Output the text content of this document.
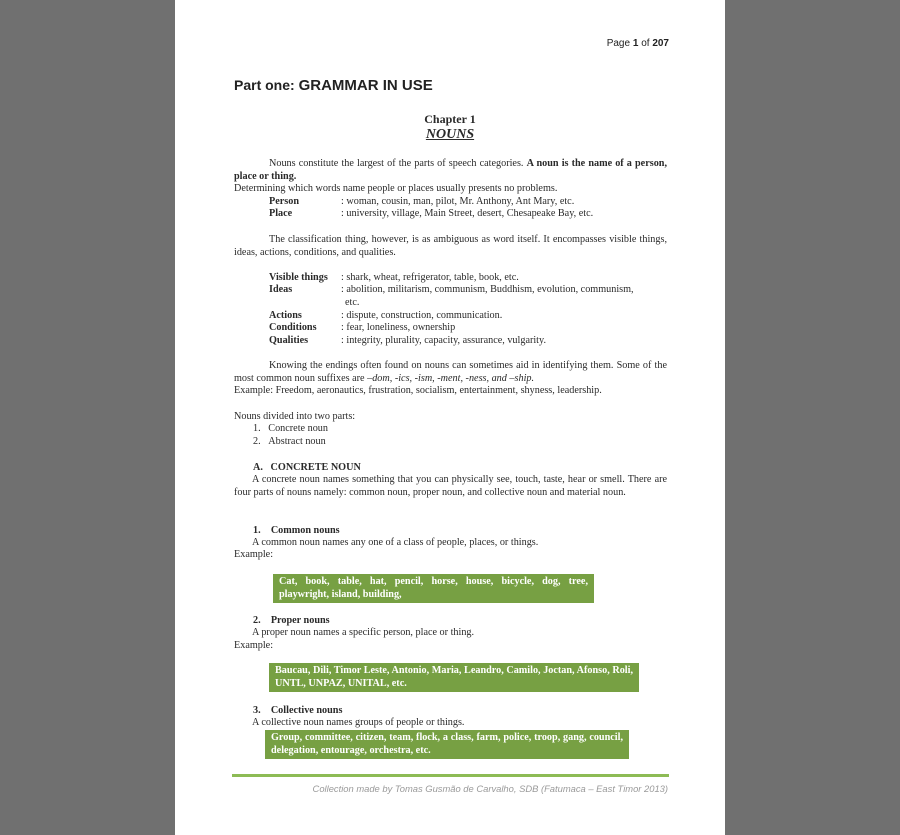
Page 1 of 207
Part one: GRAMMAR IN USE
Chapter 1
NOUNS
Nouns constitute the largest of the parts of speech categories. A noun is the name of a person, place or thing.
Determining which words name people or places usually presents no problems.
Person	: woman, cousin, man, pilot, Mr. Anthony, Ant Mary, etc.
Place	: university, village, Main Street, desert, Chesapeake Bay, etc.
The classification thing, however, is as ambiguous as word itself. It encompasses visible things, ideas, actions, conditions, and qualities.
Visible things : shark, wheat, refrigerator, table, book, etc.
Ideas	: abolition, militarism, communism, Buddhism, evolution, communism,
etc.
Actions	: dispute, construction, communication.
Conditions : fear, loneliness, ownership
Qualities	: integrity, plurality, capacity, assurance, vulgarity.
Knowing the endings often found on nouns can sometimes aid in identifying them. Some of the most common noun suffixes are –dom, -ics, -ism, -ment, -ness, and –ship.
Example: Freedom, aeronautics, frustration, socialism, entertainment, shyness, leadership.
Nouns divided into two parts:
1. Concrete noun
2. Abstract noun
A.   CONCRETE NOUN
A concrete noun names something that you can physically see, touch, taste, hear or smell. There are four parts of nouns namely: common noun, proper noun, and collective noun and material noun.
1.    Common nouns
A common noun names any one of a class of people, places, or things.
Example:
Cat, book, table, hat, pencil, horse, house, bicycle, dog, tree, playwright, island, building,
2.    Proper nouns
A proper noun names a specific person, place or thing.
Example:
Baucau, Dili, Timor Leste, Antonio, Maria, Leandro, Camilo, Joctan, Afonso, Roli, UNTL, UNPAZ, UNITAL, etc.
3.    Collective nouns
A collective noun names groups of people or things.
Group, committee, citizen, team, flock, a class, farm, police, troop, gang, council, delegation, entourage, orchestra, etc.
Collection made by Tomas Gusmão de Carvalho, SDB (Fatumaca – East Timor 2013)
